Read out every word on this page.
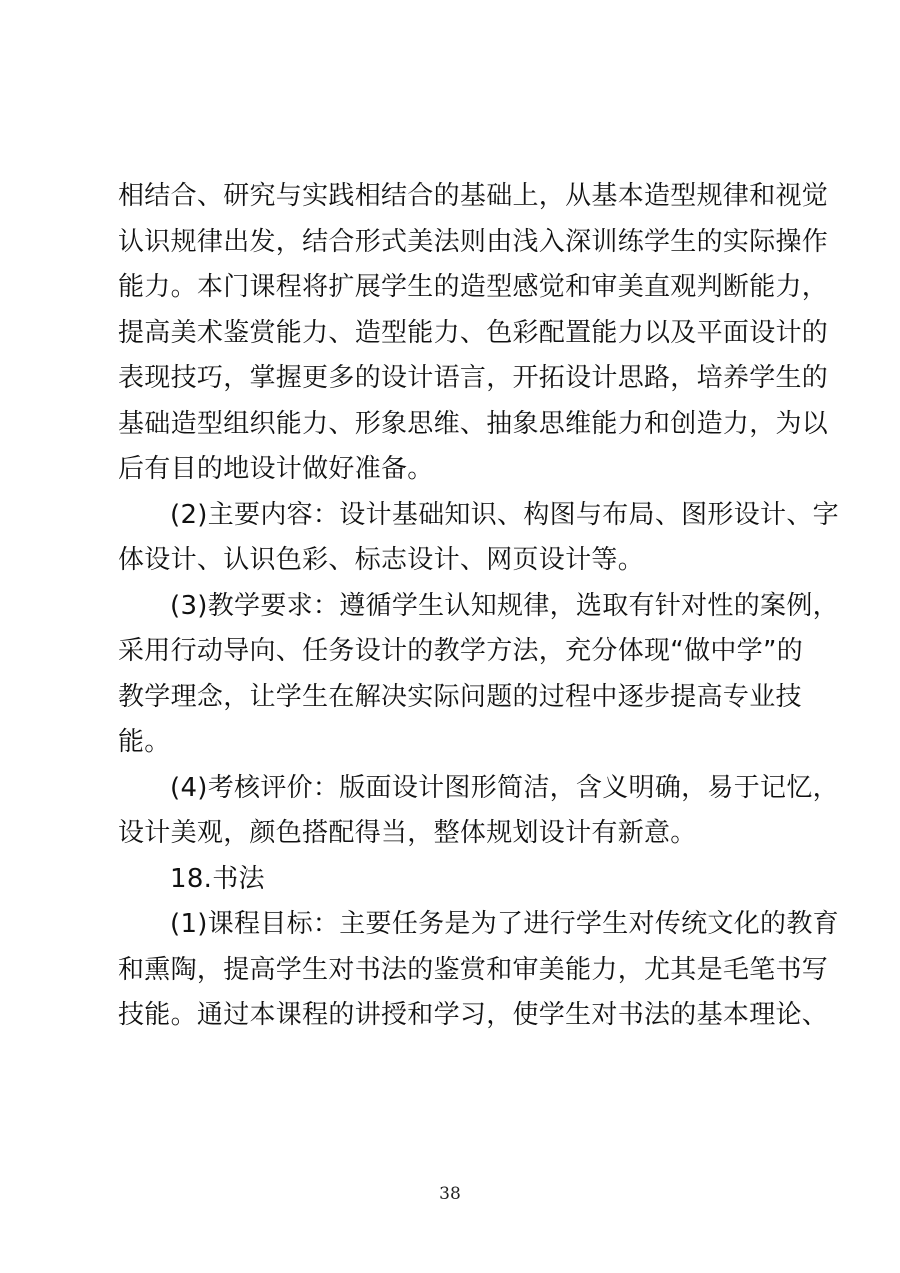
相结合、研究与实践相结合的基础上，从基本造型规律和视觉
认识规律出发，结合形式美法则由浅入深训练学生的实际操作
能力。本门课程将扩展学生的造型感觉和审美直观判断能力，
提高美术鉴赏能力、造型能力、色彩配置能力以及平面设计的
表现技巧，掌握更多的设计语言，开拓设计思路，培养学生的
基础造型组织能力、形象思维、抽象思维能力和创造力，为以
后有目的地设计做好准备。
(2)主要内容：设计基础知识、构图与布局、图形设计、字
体设计、认识色彩、标志设计、网页设计等。
(3)教学要求：遵循学生认知规律，选取有针对性的案例，
采用行动导向、任务设计的教学方法，充分体现“做中学”的
教学理念，让学生在解决实际问题的过程中逐步提高专业技
能。
(4)考核评价：版面设计图形简洁，含义明确，易于记忆，
设计美观，颜色搭配得当，整体规划设计有新意。
18.书法
(1)课程目标：主要任务是为了进行学生对传统文化的教育
和熏陶，提高学生对书法的鉴赏和审美能力，尤其是毛笔书写
技能。通过本课程的讲授和学习，使学生对书法的基本理论、
38
